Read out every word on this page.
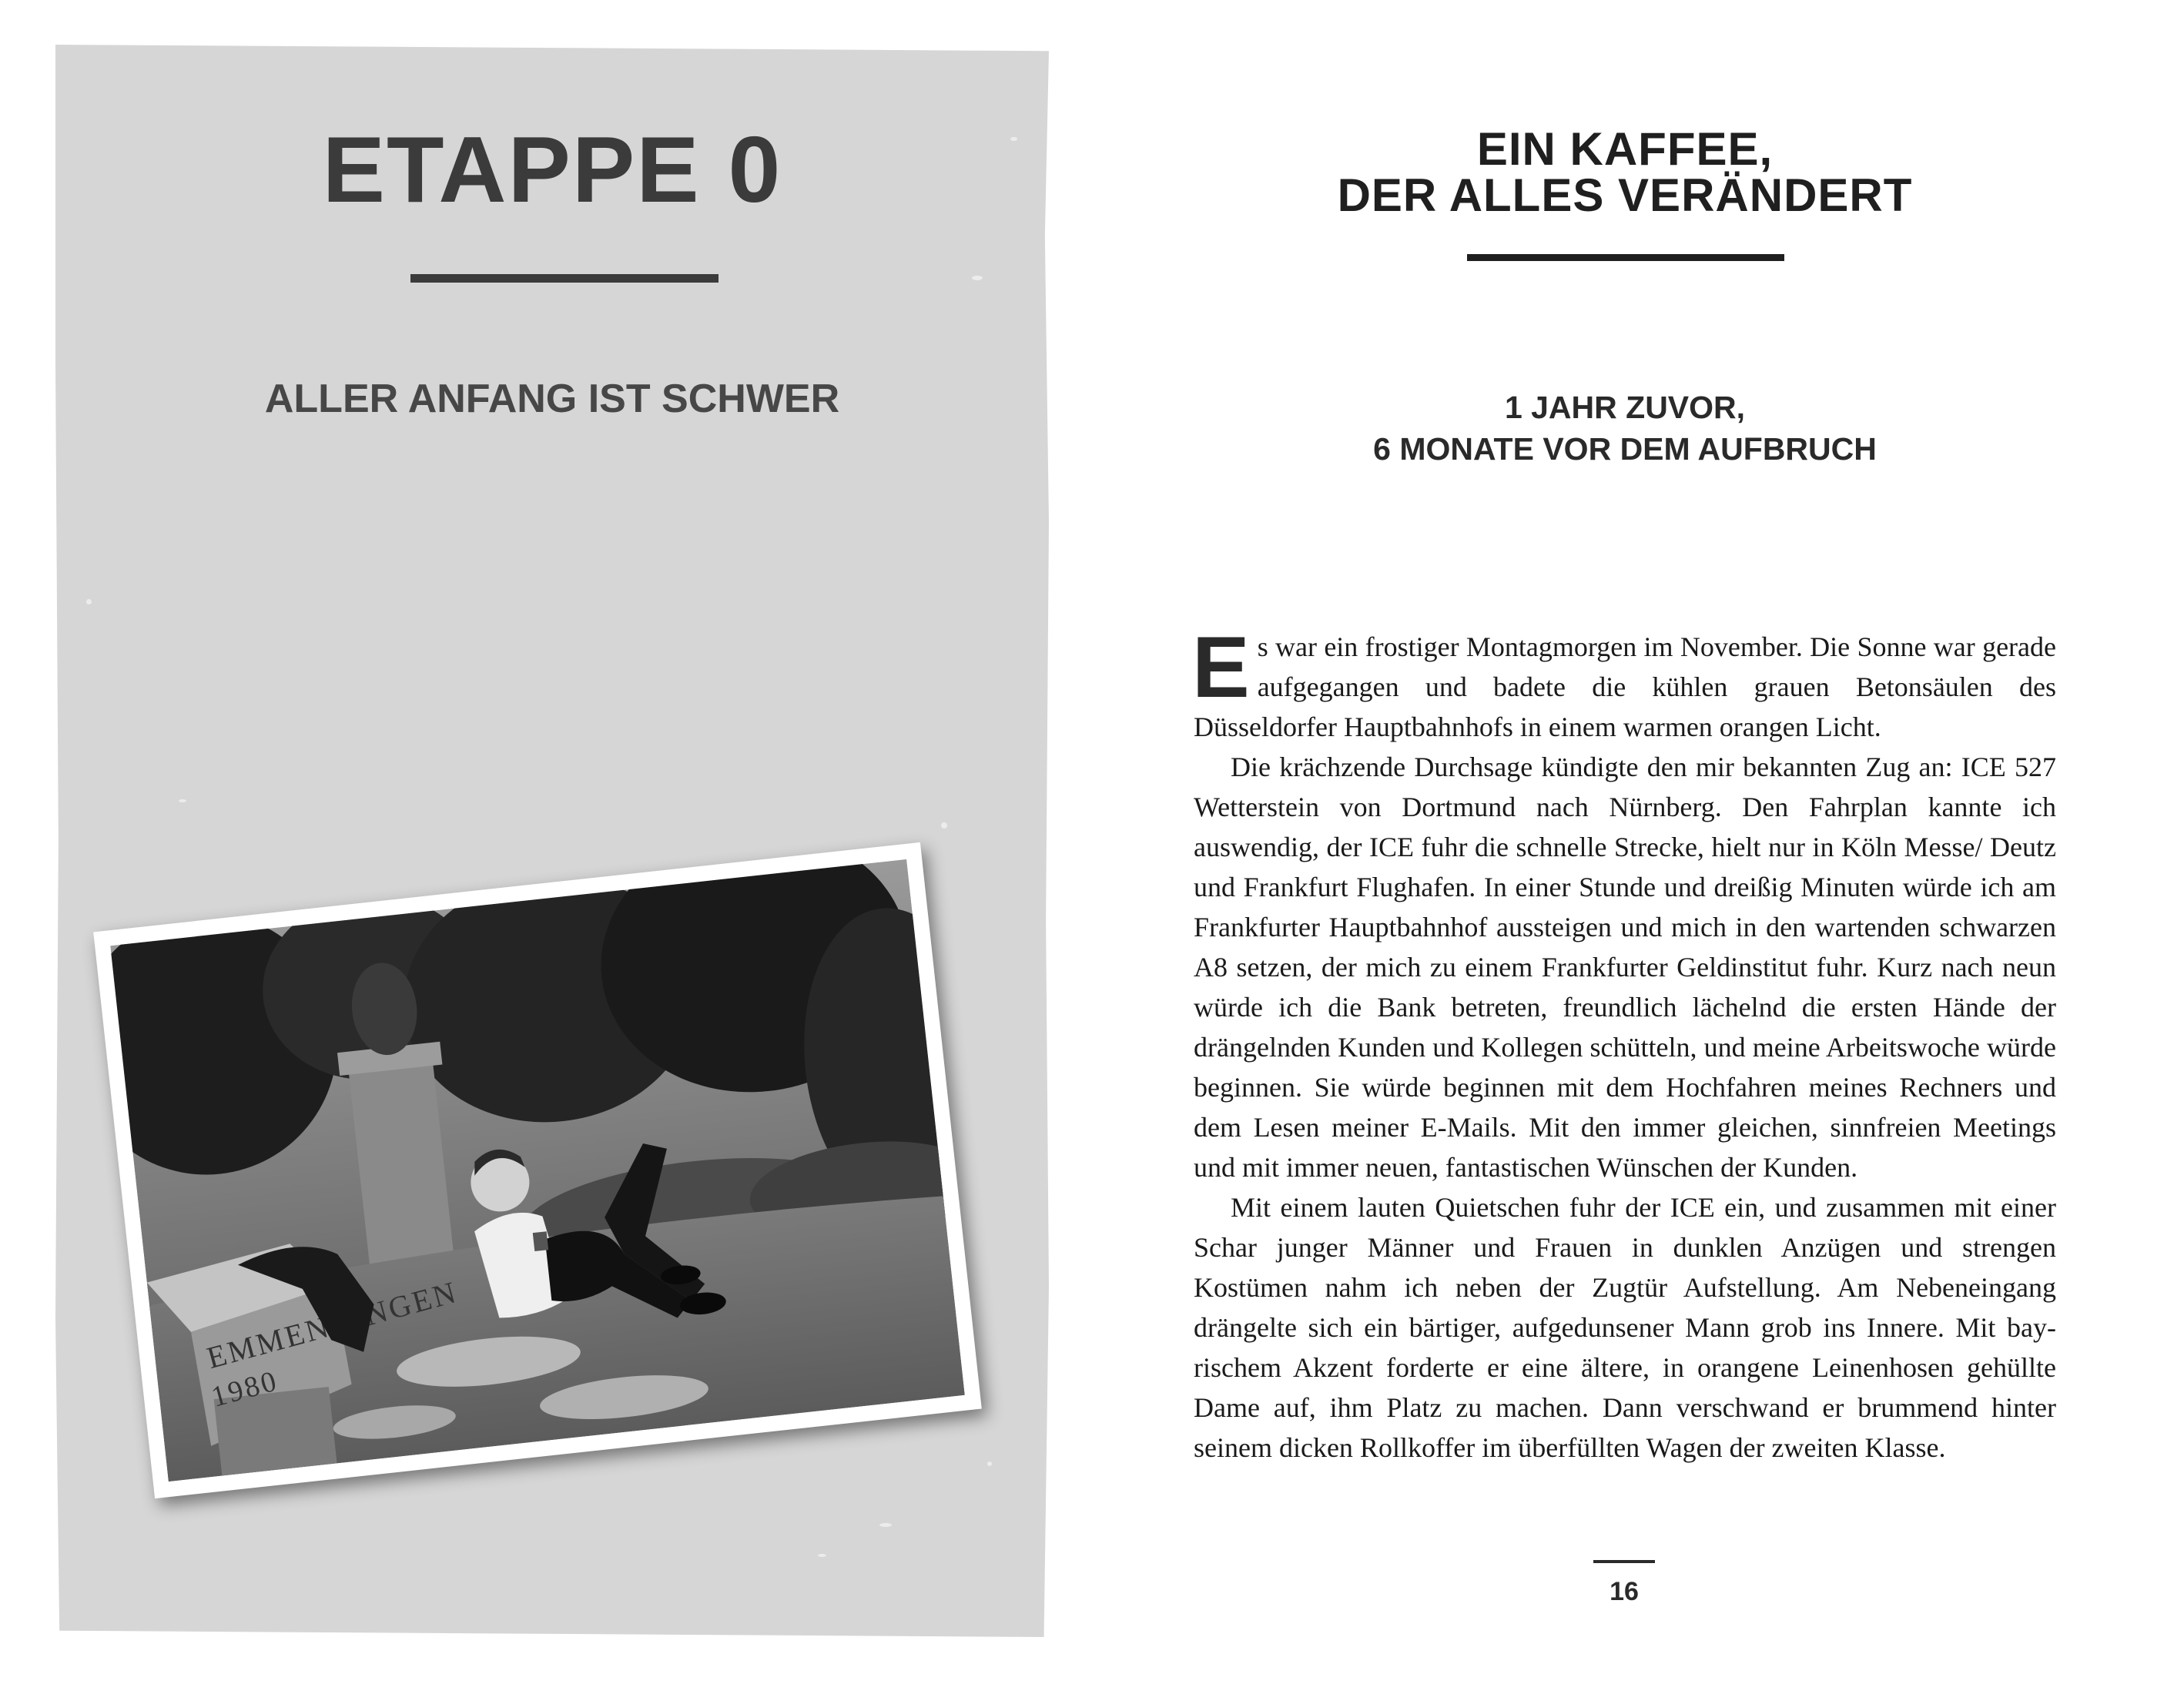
ETAPPE 0
ALLER ANFANG IST SCHWER
1980
EIN KAFFEE,
DER ALLES VERÄNDERT
1 JAHR ZUVOR,
6 MONATE VOR DEM AUFBRUCH

Es war ein frostiger Montagmorgen im November. Die Sonne war gerade aufgegangen und badete die kühlen grauen Betonsäulen des Düsseldorfer Hauptbahnhofs in einem warmen orangen Licht.

Die krächzende Durchsage kündigte den mir bekannten Zug an: ICE 527 Wetterstein von Dortmund nach Nürnberg. Den Fahrplan kannte ich auswendig, der ICE fuhr die schnelle Strecke, hielt nur in Köln Messe/ Deutz und Frankfurt Flughafen. In einer Stunde und dreißig Minuten würde ich am Frankfurter Hauptbahnhof aussteigen und mich in den wartenden schwarzen A8 setzen, der mich zu einem Frankfurter Geldinstitut fuhr. Kurz nach neun würde ich die Bank betreten, freundlich lächelnd die ersten Hände der drängelnden Kunden und Kollegen schütteln, und meine Arbeitswoche würde beginnen. Sie würde beginnen mit dem Hochfahren meines Rechners und dem Lesen meiner E-Mails. Mit den immer gleichen, sinnfreien Meetings und mit immer neuen, fantastischen Wünschen der Kunden.

Mit einem lauten Quietschen fuhr der ICE ein, und zusammen mit einer Schar junger Männer und Frauen in dunklen Anzügen und strengen Kostümen nahm ich neben der Zugtür Aufstellung. Am Nebeneingang drängelte sich ein bärtiger, aufgedunsener Mann grob ins Innere. Mit bayrischem Akzent forderte er eine ältere, in orangene Leinenhosen gehüllte Dame auf, ihm Platz zu machen. Dann verschwand er brummend hinter seinem dicken Rollkoffer im überfüllten Wagen der zweiten Klasse.

16
